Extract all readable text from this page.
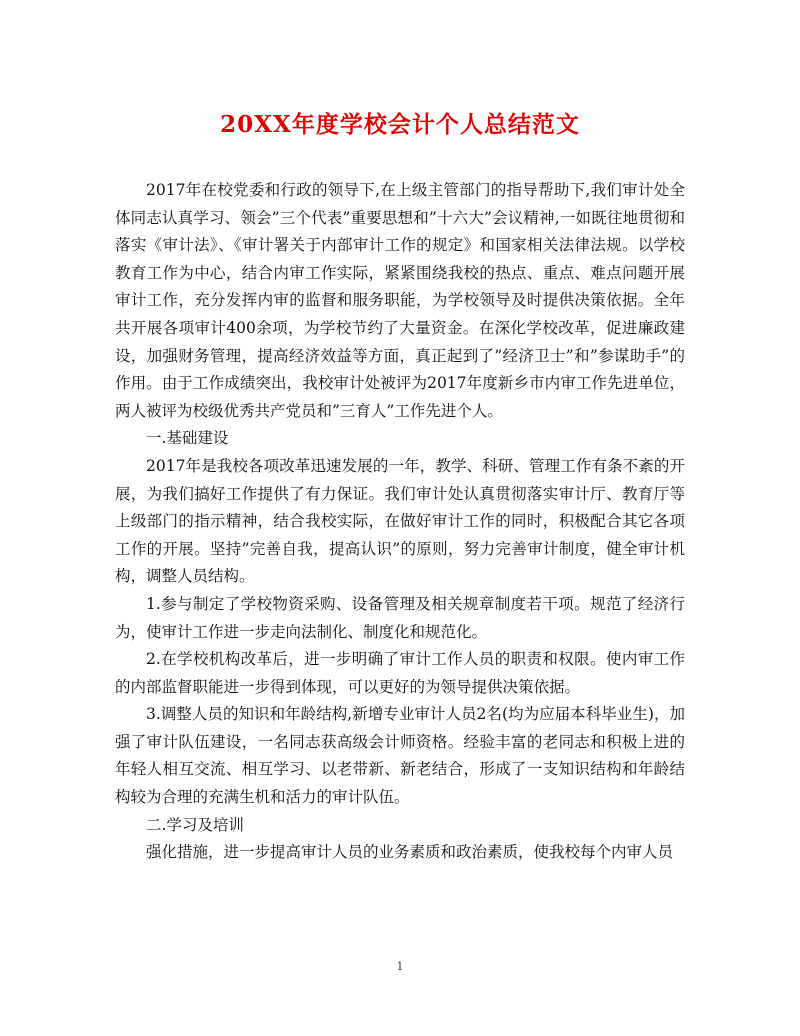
20XX年度学校会计个人总结范文

2017年在校党委和行政的领导下,在上级主管部门的指导帮助下,我们审计处全体同志认真学习、领会”三个代表”重要思想和”十六大”会议精神,一如既往地贯彻和落实《审计法》、《审计署关于内部审计工作的规定》和国家相关法律法规。以学校教育工作为中心，结合内审工作实际，紧紧围绕我校的热点、重点、难点问题开展审计工作，充分发挥内审的监督和服务职能，为学校领导及时提供决策依据。全年共开展各项审计400余项，为学校节约了大量资金。在深化学校改革，促进廉政建设，加强财务管理，提高经济效益等方面，真正起到了”经济卫士”和”参谋助手”的作用。由于工作成绩突出，我校审计处被评为2017年度新乡市内审工作先进单位，两人被评为校级优秀共产党员和”三育人”工作先进个人。

一.基础建设

2017年是我校各项改革迅速发展的一年，教学、科研、管理工作有条不紊的开展，为我们搞好工作提供了有力保证。我们审计处认真贯彻落实审计厅、教育厅等上级部门的指示精神，结合我校实际，在做好审计工作的同时，积极配合其它各项工作的开展。坚持”完善自我，提高认识”的原则，努力完善审计制度，健全审计机构，调整人员结构。

1.参与制定了学校物资采购、设备管理及相关规章制度若干项。规范了经济行为，使审计工作进一步走向法制化、制度化和规范化。

2.在学校机构改革后，进一步明确了审计工作人员的职责和权限。使内审工作的内部监督职能进一步得到体现，可以更好的为领导提供决策依据。

3.调整人员的知识和年龄结构,新增专业审计人员2名(均为应届本科毕业生)，加强了审计队伍建设，一名同志获高级会计师资格。经验丰富的老同志和积极上进的年轻人相互交流、相互学习、以老带新、新老结合，形成了一支知识结构和年龄结构较为合理的充满生机和活力的审计队伍。

二.学习及培训

强化措施，进一步提高审计人员的业务素质和政治素质，使我校每个内审人员

1
